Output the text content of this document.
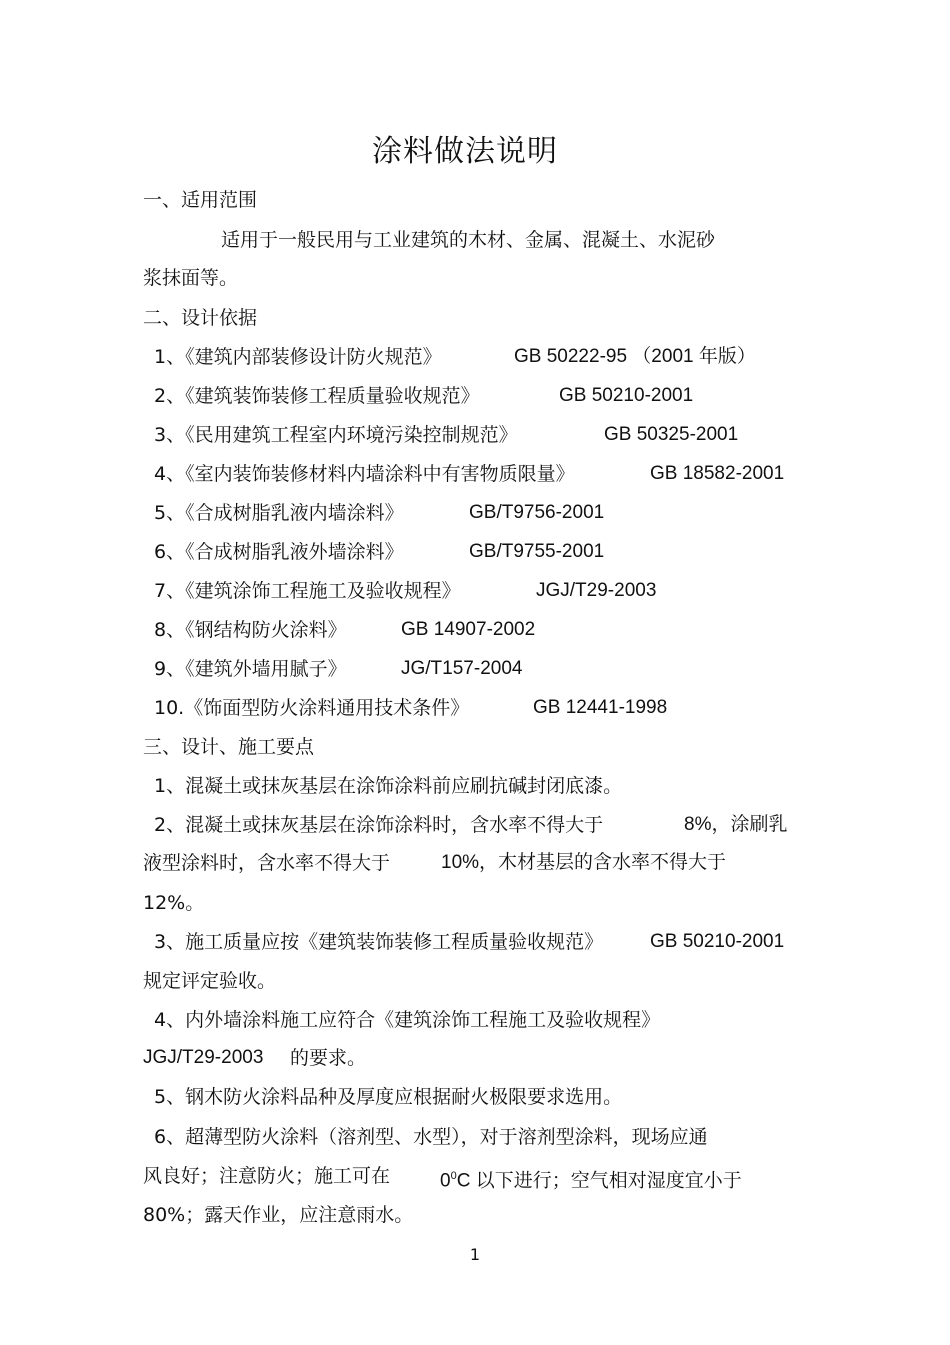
涂料做法说明
一、适用范围
适用于一般民用与工业建筑的木材、金属、混凝土、水泥砂
浆抹面等。
二、设计依据
1、《建筑内部装修设计防火规范》	GB 50222-95 （2001 年版）
2、《建筑装饰装修工程质量验收规范》	GB 50210-2001
3、《民用建筑工程室内环境污染控制规范》	GB 50325-2001
4、《室内装饰装修材料内墙涂料中有害物质限量》	GB 18582-2001
5、《合成树脂乳液内墙涂料》	GB/T9756-2001
6、《合成树脂乳液外墙涂料》	GB/T9755-2001
7、《建筑涂饰工程施工及验收规程》	JGJ/T29-2003
8、《钢结构防火涂料》	GB 14907-2002
9、《建筑外墙用腻子》	JG/T157-2004
10.《饰面型防火涂料通用技术条件》	GB 12441-1998
三、设计、施工要点
1、混凝土或抹灰基层在涂饰涂料前应刷抗碱封闭底漆。
2、混凝土或抹灰基层在涂饰涂料时，含水率不得大于	8%，涂刷乳
液型涂料时，含水率不得大于	10%，木材基层的含水率不得大于
12%。
3、施工质量应按《建筑装饰装修工程质量验收规范》 GB 50210-2001
规定评定验收。
4、内外墙涂料施工应符合《建筑涂饰工程施工及验收规程》
JGJ/T29-2003 的要求。
5、钢木防火涂料品种及厚度应根据耐火极限要求选用。
6、超薄型防火涂料（溶剂型、水型），对于溶剂型涂料，现场应通
风良好；注意防火；施工可在	$0^0C$ 以下进行；空气相对湿度宜小于
80%；露天作业，应注意雨水。
1
